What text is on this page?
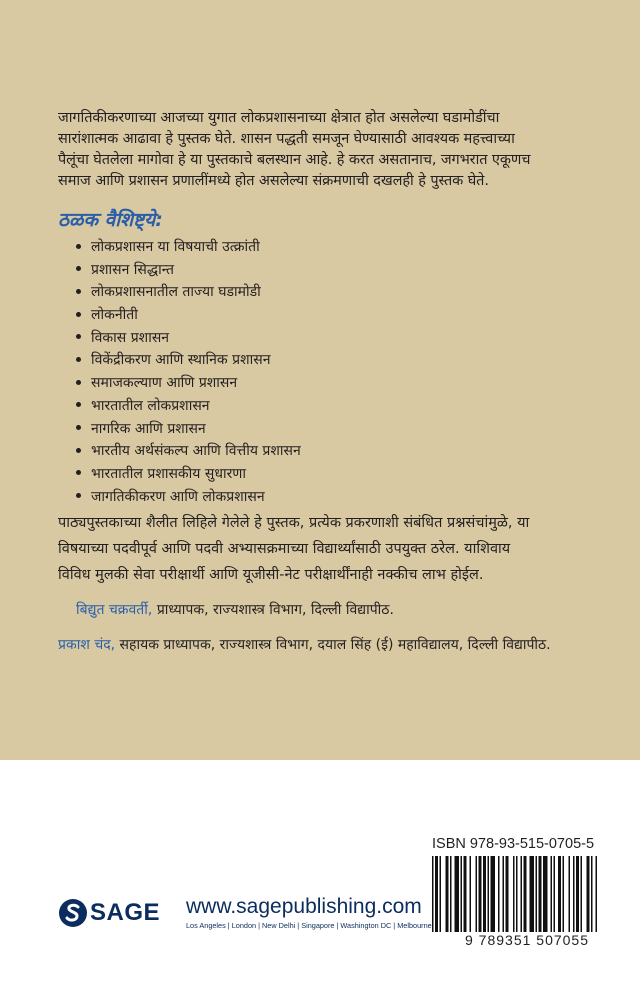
जागतिकीकरणाच्या आजच्या युगात लोकप्रशासनाच्या क्षेत्रात होत असलेल्या घडामोडींचा

सारांशात्मक आढावा हे पुस्तक घेते. शासन पद्धती समजून घेण्यासाठी आवश्यक महत्त्वाच्या

पैलूंचा घेतलेला मागोवा हे या पुस्तकाचे बलस्थान आहे. हे करत असतानाच, जगभरात एकूणच

समाज आणि प्रशासन प्रणालींमध्ये होत असलेल्या संक्रमणाची दखलही हे पुस्तक घेते.

ठळक वैशिष्ट्ये:
लोकप्रशासन या विषयाची उत्क्रांती
प्रशासन सिद्धान्त
लोकप्रशासनातील ताज्या घडामोडी
लोकनीती
विकास प्रशासन
विकेंद्रीकरण आणि स्थानिक प्रशासन
समाजकल्याण आणि प्रशासन
भारतातील लोकप्रशासन
नागरिक आणि प्रशासन
भारतीय अर्थसंकल्प आणि वित्तीय प्रशासन
भारतातील प्रशासकीय सुधारणा
जागतिकीकरण आणि लोकप्रशासन

पाठ्यपुस्तकाच्या शैलीत लिहिले गेलेले हे पुस्तक, प्रत्येक प्रकरणाशी संबंधित प्रश्नसंचांमुळे, या

विषयाच्या पदवीपूर्व आणि पदवी अभ्यासक्रमाच्या विद्यार्थ्यांसाठी उपयुक्त ठरेल. याशिवाय

विविध मुलकी सेवा परीक्षार्थी आणि यूजीसी-नेट परीक्षार्थींनाही नक्कीच लाभ होईल.

बिद्युत चक्रवर्ती, प्राध्यापक, राज्यशास्त्र विभाग, दिल्ली विद्यापीठ.
प्रकाश चंद, सहायक प्राध्यापक, राज्यशास्त्र विभाग, दयाल सिंह (ई) महाविद्यालय, दिल्ली विद्यापीठ.
ISBN 978-93-515-0705-5
9 789351 507055
SAGE www.sagepublishing.com
Los Angeles | London | New Delhi | Singapore | Washington DC | Melbourne
